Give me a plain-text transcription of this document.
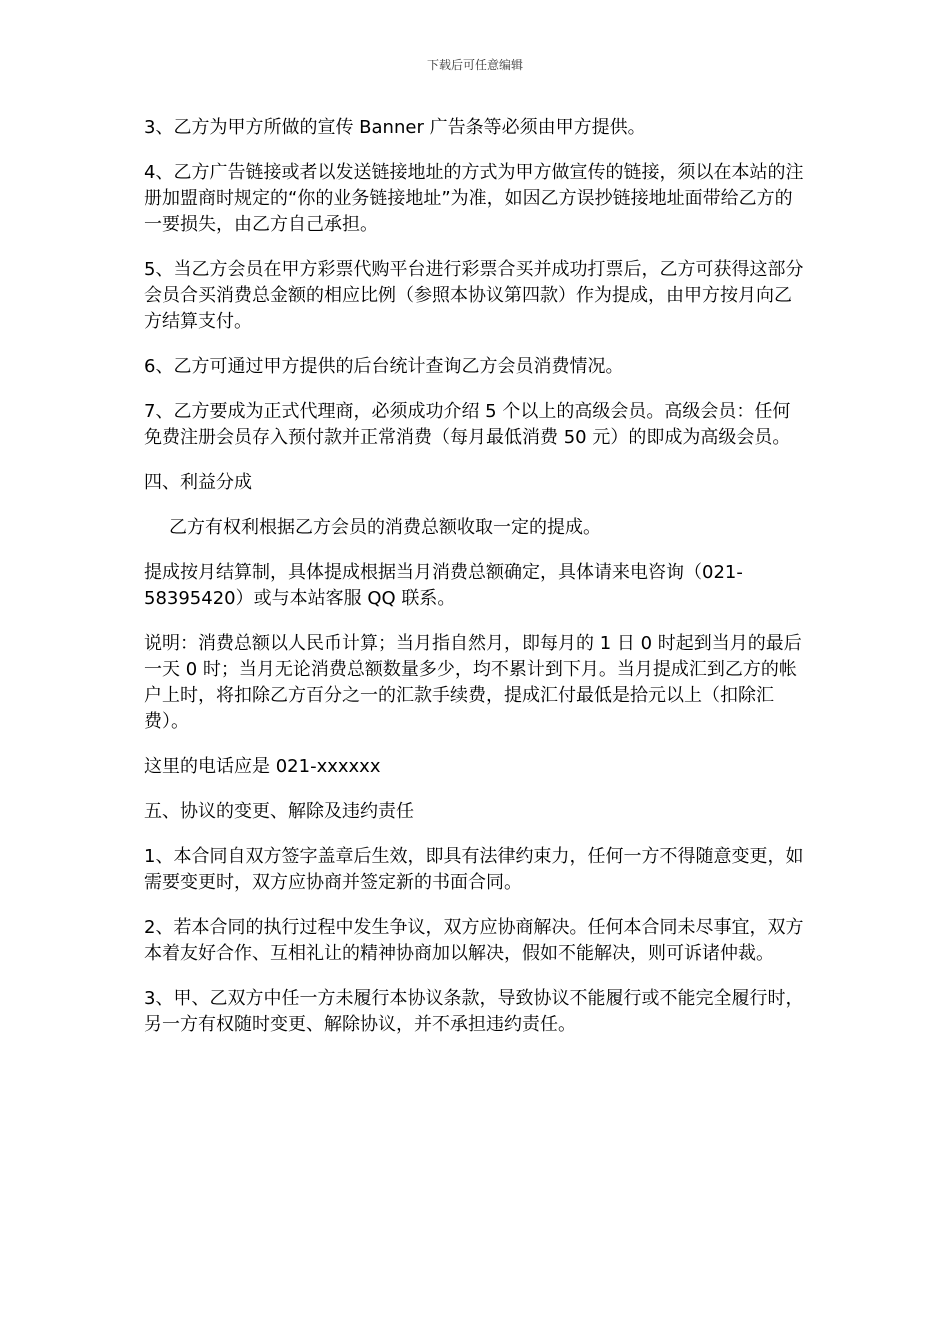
下载后可任意编辑

3、乙方为甲方所做的宣传 Banner 广告条等必须由甲方提供。

4、乙方广告链接或者以发送链接地址的方式为甲方做宣传的链接，须以在本站的注册加盟商时规定的“你的业务链接地址”为准，如因乙方误抄链接地址面带给乙方的一要损失，由乙方自己承担。

5、当乙方会员在甲方彩票代购平台进行彩票合买并成功打票后，乙方可获得这部分会员合买消费总金额的相应比例（参照本协议第四款）作为提成，由甲方按月向乙方结算支付。

6、乙方可通过甲方提供的后台统计查询乙方会员消费情况。

7、乙方要成为正式代理商，必须成功介绍 5 个以上的高级会员。高级会员：任何免费注册会员存入预付款并正常消费（每月最低消费 50 元）的即成为高级会员。

四、利益分成

乙方有权利根据乙方会员的消费总额收取一定的提成。

提成按月结算制，具体提成根据当月消费总额确定，具体请来电咨询（021-58395420）或与本站客服 QQ 联系。

说明：消费总额以人民币计算；当月指自然月，即每月的 1 日 0 时起到当月的最后一天 0 时；当月无论消费总额数量多少，均不累计到下月。当月提成汇到乙方的帐户上时，将扣除乙方百分之一的汇款手续费，提成汇付最低是拾元以上（扣除汇费）。

这里的电话应是 021-xxxxxx

五、协议的变更、解除及违约责任

1、本合同自双方签字盖章后生效，即具有法律约束力，任何一方不得随意变更，如需要变更时，双方应协商并签定新的书面合同。

2、若本合同的执行过程中发生争议，双方应协商解决。任何本合同未尽事宜，双方本着友好合作、互相礼让的精神协商加以解决，假如不能解决，则可诉诸仲裁。

3、甲、乙双方中任一方未履行本协议条款，导致协议不能履行或不能完全履行时，另一方有权随时变更、解除协议，并不承担违约责任。
